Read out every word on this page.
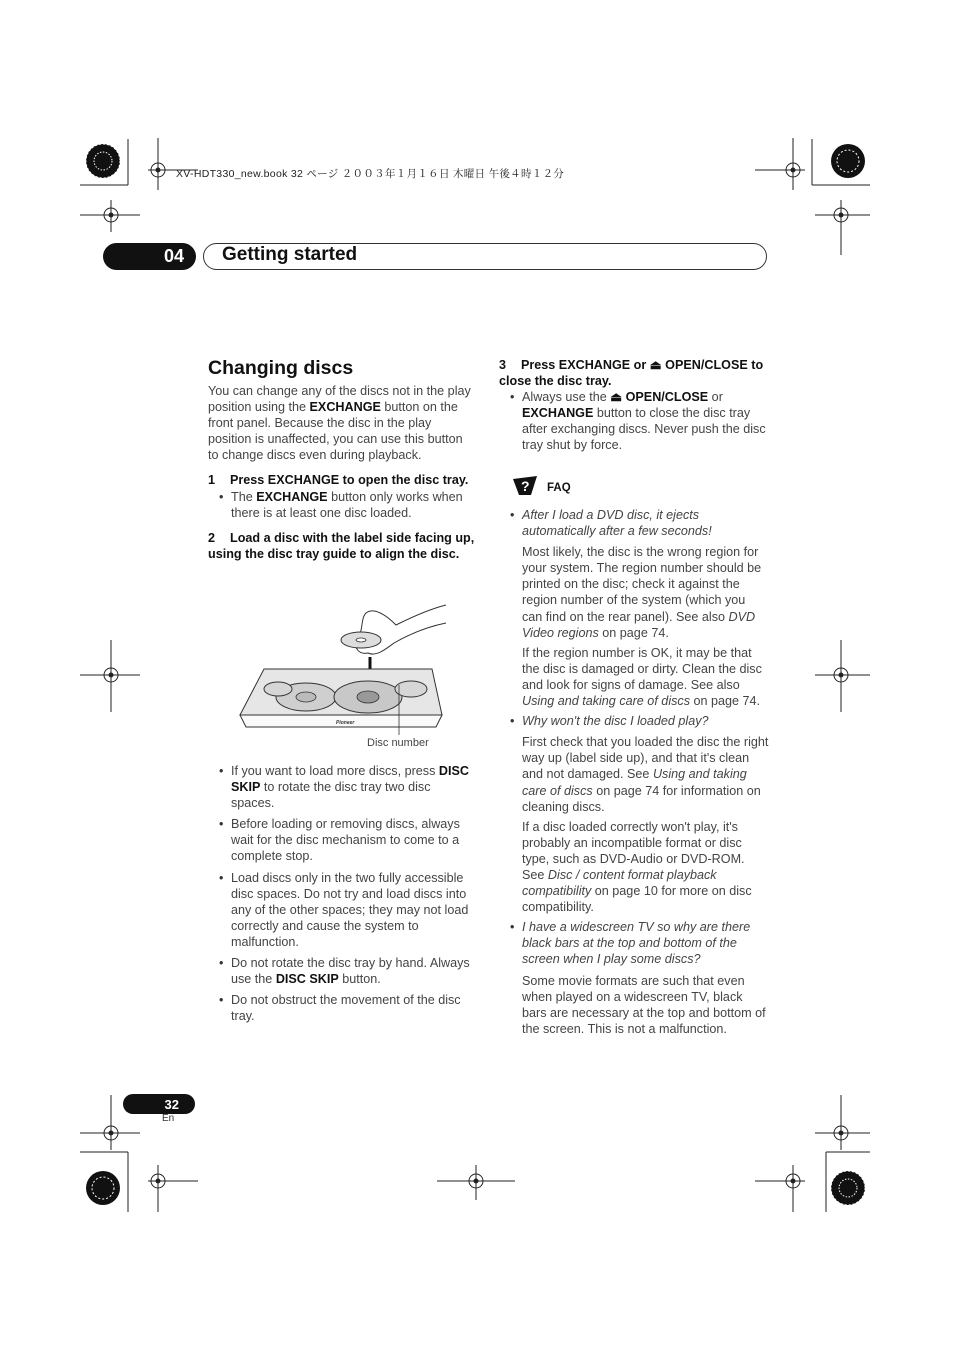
XV-HDT330_new.book 32 ページ ２００３年１月１６日 木曜日 午後４時１２分
04	Getting started
Changing discs

You can change any of the discs not in the play position using the EXCHANGE button on the front panel. Because the disc in the play position is unaffected, you can use this button to change discs even during playback.

1 Press EXCHANGE to open the disc tray.

• The EXCHANGE button only works when there is at least one disc loaded.

2 Load a disc with the label side facing up, using the disc tray guide to align the disc.

Pioneer
Disc number

• If you want to load more discs, press DISC SKIP to rotate the disc tray two disc spaces.

• Before loading or removing discs, always wait for the disc mechanism to come to a complete stop.

• Load discs only in the two fully accessible disc spaces. Do not try and load discs into any of the other spaces; they may not load correctly and cause the system to malfunction.

• Do not rotate the disc tray by hand. Always use the DISC SKIP button.

• Do not obstruct the movement of the disc tray.

3 Press EXCHANGE or ⏏ OPEN/CLOSE to close the disc tray.

• Always use the ⏏ OPEN/CLOSE or EXCHANGE button to close the disc tray after exchanging discs. Never push the disc tray shut by force.

? FAQ

• After I load a DVD disc, it ejects automatically after a few seconds!

Most likely, the disc is the wrong region for your system. The region number should be printed on the disc; check it against the region number of the system (which you can find on the rear panel). See also DVD Video regions on page 74.

If the region number is OK, it may be that the disc is damaged or dirty. Clean the disc and look for signs of damage. See also Using and taking care of discs on page 74.

• Why won't the disc I loaded play?

First check that you loaded the disc the right way up (label side up), and that it's clean and not damaged. See Using and taking care of discs on page 74 for information on cleaning discs.

If a disc loaded correctly won't play, it's probably an incompatible format or disc type, such as DVD-Audio or DVD-ROM. See Disc / content format playback compatibility on page 10 for more on disc compatibility.

• I have a widescreen TV so why are there black bars at the top and bottom of the screen when I play some discs?

Some movie formats are such that even when played on a widescreen TV, black bars are necessary at the top and bottom of the screen. This is not a malfunction.

32
En
